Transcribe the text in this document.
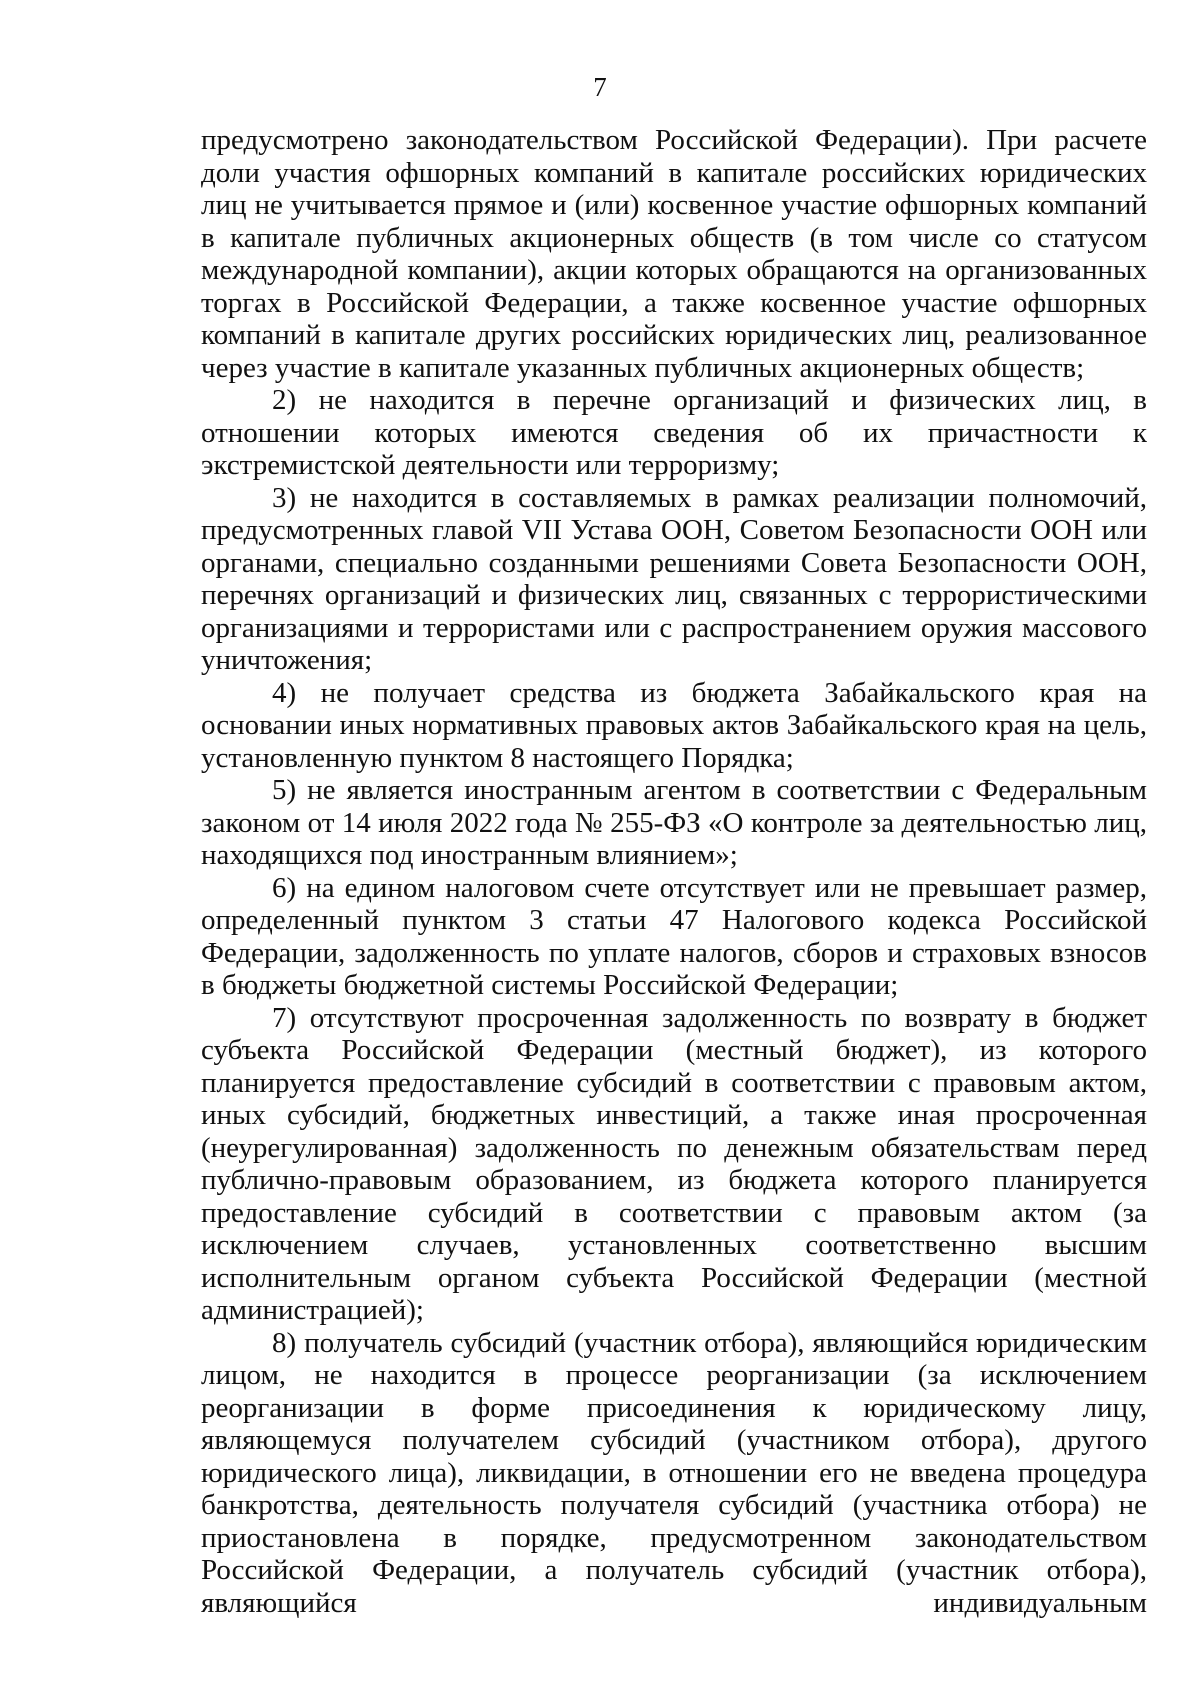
7

предусмотрено законодательством Российской Федерации). При расчете доли участия офшорных компаний в капитале российских юридических лиц не учитывается прямое и (или) косвенное участие офшорных компаний в капитале публичных акционерных обществ (в том числе со статусом международной компании), акции которых обращаются на организованных торгах в Российской Федерации, а также косвенное участие офшорных компаний в капитале других российских юридических лиц, реализованное через участие в капитале указанных публичных акционерных обществ;

2) не находится в перечне организаций и физических лиц, в отношении которых имеются сведения об их причастности к экстремистской деятельности или терроризму;

3) не находится в составляемых в рамках реализации полномочий, предусмотренных главой VII Устава ООН, Советом Безопасности ООН или органами, специально созданными решениями Совета Безопасности ООН, перечнях организаций и физических лиц, связанных с террористическими организациями и террористами или с распространением оружия массового уничтожения;

4) не получает средства из бюджета Забайкальского края на основании иных нормативных правовых актов Забайкальского края на цель, установленную пунктом 8 настоящего Порядка;

5) не является иностранным агентом в соответствии с Федеральным законом от 14 июля 2022 года № 255-ФЗ «О контроле за деятельностью лиц, находящихся под иностранным влиянием»;

6) на едином налоговом счете отсутствует или не превышает размер, определенный пунктом 3 статьи 47 Налогового кодекса Российской Федерации, задолженность по уплате налогов, сборов и страховых взносов в бюджеты бюджетной системы Российской Федерации;

7) отсутствуют просроченная задолженность по возврату в бюджет субъекта Российской Федерации (местный бюджет), из которого планируется предоставление субсидий в соответствии с правовым актом, иных субсидий, бюджетных инвестиций, а также иная просроченная (неурегулированная) задолженность по денежным обязательствам перед публично-правовым образованием, из бюджета которого планируется предоставление субсидий в соответствии с правовым актом (за исключением случаев, установленных соответственно высшим исполнительным органом субъекта Российской Федерации (местной администрацией);

8) получатель субсидий (участник отбора), являющийся юридическим лицом, не находится в процессе реорганизации (за исключением реорганизации в форме присоединения к юридическому лицу, являющемуся получателем субсидий (участником отбора), другого юридического лица), ликвидации, в отношении его не введена процедура банкротства, деятельность получателя субсидий (участника отбора) не приостановлена в порядке, предусмотренном законодательством Российской Федерации, а получатель субсидий (участник отбора), являющийся индивидуальным
